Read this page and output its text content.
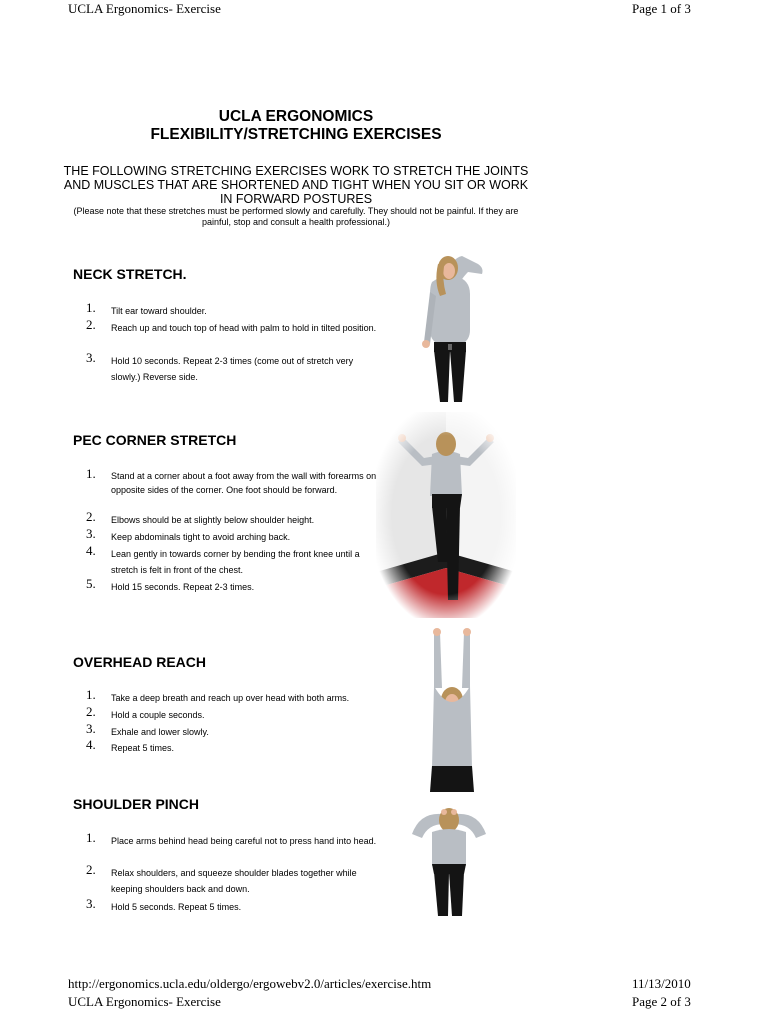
UCLA Ergonomics- Exercise	Page 1 of 3
UCLA ERGONOMICS
FLEXIBILITY/STRETCHING EXERCISES
THE FOLLOWING STRETCHING EXERCISES WORK TO STRETCH THE JOINTS AND MUSCLES THAT ARE SHORTENED AND TIGHT WHEN YOU SIT OR WORK IN FORWARD POSTURES
(Please note that these stretches must be performed slowly and carefully. They should not be painful. If they are painful, stop and consult a health professional.)
NECK STRETCH.
1. Tilt ear toward shoulder.
2. Reach up and touch top of head with palm to hold in tilted position.
3. Hold 10 seconds. Repeat 2-3 times (come out of stretch very slowly.) Reverse side.
PEC CORNER STRETCH
1. Stand at a corner about a foot away from the wall with forearms on opposite sides of the corner. One foot should be forward.
2. Elbows should be at slightly below shoulder height.
3. Keep abdominals tight to avoid arching back.
4. Lean gently in towards corner by bending the front knee until a stretch is felt in front of the chest.
5. Hold 15 seconds. Repeat 2-3 times.
OVERHEAD REACH
1. Take a deep breath and reach up over head with both arms.
2. Hold a couple seconds.
3. Exhale and lower slowly.
4. Repeat 5 times.
SHOULDER PINCH
1. Place arms behind head being careful not to press hand into head.
2. Relax shoulders, and squeeze shoulder blades together while keeping shoulders back and down.
3. Hold 5 seconds. Repeat 5 times.
http://ergonomics.ucla.edu/oldergo/ergowebv2.0/articles/exercise.htm	11/13/2010
UCLA Ergonomics- Exercise	Page 2 of 3
